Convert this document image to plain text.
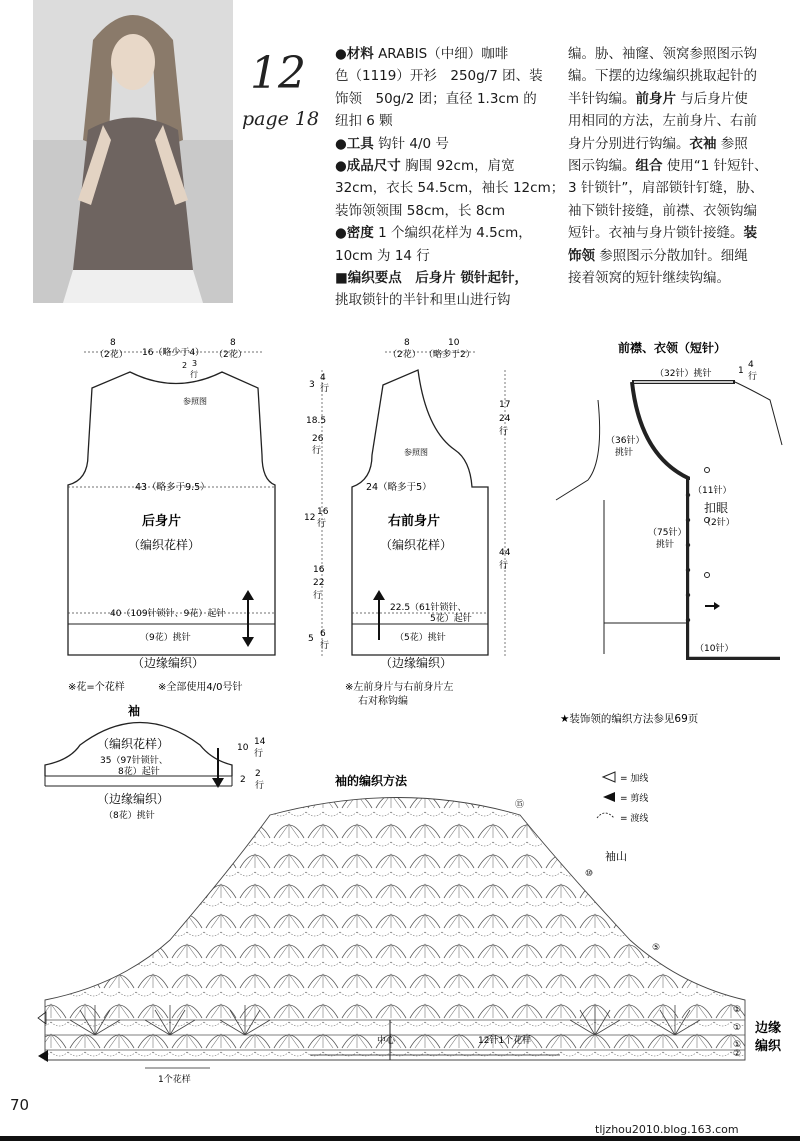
12
page 18
●材料 ARABIS（中细）咖啡
色（1119）开衫　250g/7 团、装
饰领　50g/2 团；直径 1.3cm 的
纽扣 6 颗
●工具 钩针 4/0 号
●成品尺寸 胸围 92cm，肩宽
32cm，衣长 54.5cm，袖长 12cm；
装饰领领围 58cm，长 8cm
●密度 1 个编织花样为 4.5cm，
10cm 为 14 行
■编织要点　后身片 锁针起针，
挑取锁针的半针和里山进行钩
编。胁、袖窿、领窝参照图示钩
编。下摆的边缘编织挑取起针的
半针钩编。前身片 与后身片使
用相同的方法，左前身片、右前
身片分别进行钩编。衣袖 参照
图示钩编。组合 使用“1 针短针、
3 针锁针”，肩部锁针钉缝，胁、
袖下锁针接缝，前襟、衣领钩编
短针。衣袖与身片锁针接缝。装
饰领 参照图示分散加针。细绳
接着领窝的短针继续钩编。
8
（2花） 16（略少于4）
8
（2花）
2 3
行
参照图
43（略多于9.5）
后身片
（编织花样）
40（109针锁针、9花）起针
（9花）挑针
（边缘编织）
※花=个花样	※全部使用4/0号针
3
4
行
18.5
26
行
12
16
行
16
22
行
5 6
行
17
24
行
44
行
8
（2花）
10
（略多于2）
参照图
24（略多于5）
右前身片
（编织花样）
22.5（61针锁针、
5花）起针
（5花）挑针
（边缘编织）
※左前身片与右前身片左
右对称钩编
前襟、衣领（短针）
（32针）挑针	1
4
行
（36针）
挑针
（11针）
扣眼
（2针）
（75针）
挑针
（10针）
★装饰领的编织方法参见69页
袖
（编织花样）
35（97针锁针、
8花）起针
（边缘编织）
（8花）挑针
10
14
行
2
2
行	袖的编织方法
中心	12针1个花样
1个花样
袖山
⑮
⑩
⑤
①
①
①
②
边缘
编织
= 加线
= 剪线
= 渡线
70
tljzhou2010.blog.163.com
